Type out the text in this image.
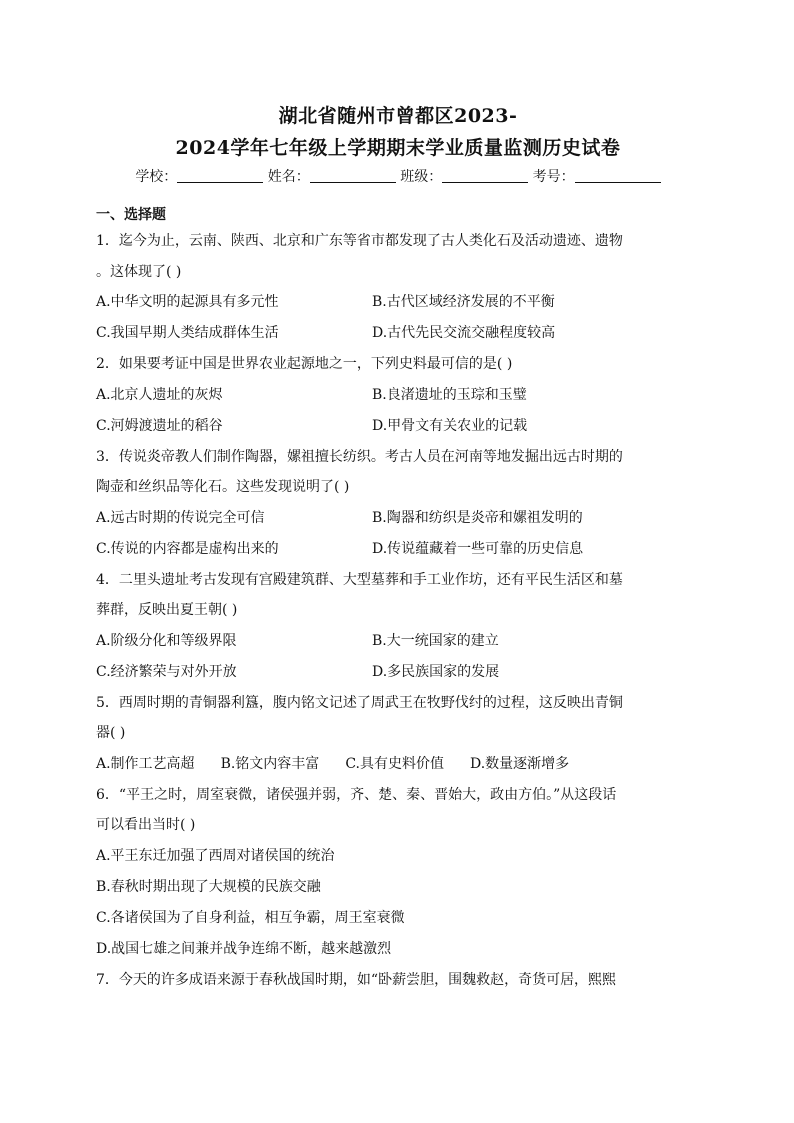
湖北省随州市曾都区2023-
2024学年七年级上学期期末学业质量监测历史试卷
学校：	姓名：	班级：	考号：
一、选择题

1．迄今为止，云南、陕西、北京和广东等省市都发现了古人类化石及活动遗迹、遗物

。这体现了( )

A.中华文明的起源具有多元性	B.古代区域经济发展的不平衡
C.我国早期人类结成群体生活	D.古代先民交流交融程度较高

2．如果要考证中国是世界农业起源地之一，下列史料最可信的是( )

A.北京人遗址的灰烬	B.良渚遗址的玉琮和玉璧
C.河姆渡遗址的稻谷	D.甲骨文有关农业的记载

3．传说炎帝教人们制作陶器，嫘祖擅长纺织。考古人员在河南等地发掘出远古时期的

陶壶和丝织品等化石。这些发现说明了( )

A.远古时期的传说完全可信	B.陶器和纺织是炎帝和嫘祖发明的
C.传说的内容都是虚构出来的	D.传说蕴藏着一些可靠的历史信息

4．二里头遗址考古发现有宫殿建筑群、大型墓葬和手工业作坊，还有平民生活区和墓

葬群，反映出夏王朝( )

A.阶级分化和等级界限	B.大一统国家的建立
C.经济繁荣与对外开放	D.多民族国家的发展

5．西周时期的青铜器利簋，腹内铭文记述了周武王在牧野伐纣的过程，这反映出青铜

器( )

A.制作工艺高超 B.铭文内容丰富 C.具有史料价值 D.数量逐渐增多

6．“平王之时，周室衰微，诸侯强并弱，齐、楚、秦、晋始大，政由方伯。”从这段话

可以看出当时( )

A.平王东迁加强了西周对诸侯国的统治
B.春秋时期出现了大规模的民族交融
C.各诸侯国为了自身利益，相互争霸，周王室衰微
D.战国七雄之间兼并战争连绵不断，越来越激烈

7．今天的许多成语来源于春秋战国时期，如“卧薪尝胆，围魏救赵，奇货可居，熙熙
